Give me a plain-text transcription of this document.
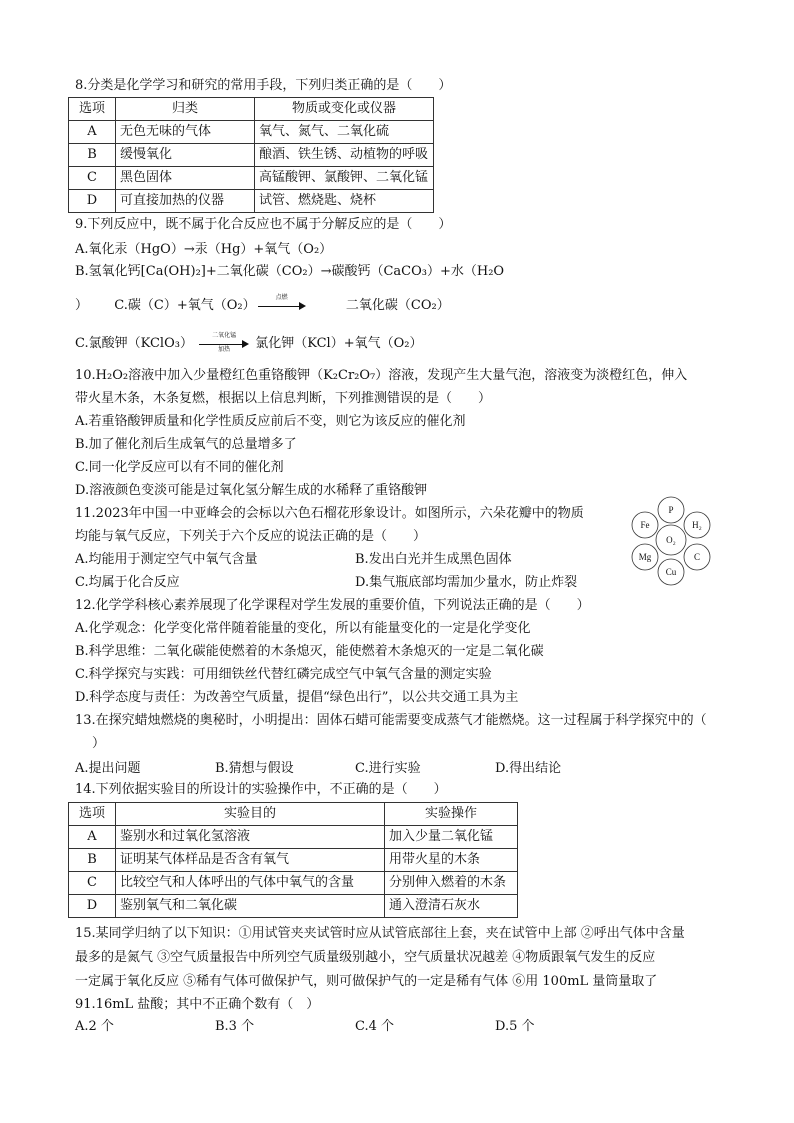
8.分类是化学学习和研究的常用手段，下列归类正确的是（　　）
选项	归类	物质或变化或仪器
A	无色无味的气体	氧气、氮气、二氧化硫
B	缓慢氧化	酿酒、铁生锈、动植物的呼吸
C	黑色固体	高锰酸钾、氯酸钾、二氧化锰
D	可直接加热的仪器	试管、燃烧匙、烧杯
9.下列反应中，既不属于化合反应也不属于分解反应的是（　　）
A.氧化汞（HgO）→汞（Hg）+氧气（O₂）
B.氢氧化钙[Ca(OH)₂]+二氧化碳（CO₂）→碳酸钙（CaCO₃）+水（H₂O
） C.碳（C）+氧气（O₂）
点燃
二氧化碳（CO₂）
C.氯酸钾（KClO₃）
二氧化锰
加热	氯化钾（KCl）+氧气（O₂）
10.H₂O₂溶液中加入少量橙红色重铬酸钾（K₂Cr₂O₇）溶液，发现产生大量气泡，溶液变为淡橙红色，伸入
带火星木条，木条复燃，根据以上信息判断，下列推测错误的是（　　）
A.若重铬酸钾质量和化学性质反应前后不变，则它为该反应的催化剂
B.加了催化剂后生成氧气的总量增多了
C.同一化学反应可以有不同的催化剂
D.溶液颜色变淡可能是过氧化氢分解生成的水稀释了重铬酸钾
11.2023年中国一中亚峰会的会标以六色石榴花形象设计。如图所示，六朵花瓣中的物质
均能与氧气反应，下列关于六个反应的说法正确的是（　　）
A.均能用于测定空气中氧气含量	B.发出白光并生成黑色固体
C.均属于化合反应	D.集气瓶底部均需加少量水，防止炸裂
O₂
P
H₂
C
Cu
Mg
Fe
12.化学学科核心素养展现了化学课程对学生发展的重要价值，下列说法正确的是（　　）
A.化学观念：化学变化常伴随着能量的变化，所以有能量变化的一定是化学变化
B.科学思维：二氧化碳能使燃着的木条熄灭，能使燃着木条熄灭的一定是二氧化碳
C.科学探究与实践：可用细铁丝代替红磷完成空气中氧气含量的测定实验
D.科学态度与责任：为改善空气质量，提倡“绿色出行”，以公共交通工具为主
13.在探究蜡烛燃烧的奥秘时，小明提出：固体石蜡可能需要变成蒸气才能燃烧。这一过程属于科学探究中的（
）
A.提出问题	B.猜想与假设	C.进行实验	D.得出结论
14.下列依据实验目的所设计的实验操作中，不正确的是（　　）
选项	实验目的	实验操作
A	鉴别水和过氧化氢溶液	加入少量二氧化锰
B	证明某气体样品是否含有氧气	用带火星的木条
C	比较空气和人体呼出的气体中氧气的含量	分别伸入燃着的木条
D	鉴别氧气和二氧化碳	通入澄清石灰水
15.某同学归纳了以下知识：①用试管夹夹试管时应从试管底部往上套，夹在试管中上部 ②呼出气体中含量
最多的是氮气 ③空气质量报告中所列空气质量级别越小，空气质量状况越差 ④物质跟氧气发生的反应
一定属于氧化反应 ⑤稀有气体可做保护气，则可做保护气的一定是稀有气体 ⑥用 100mL 量筒量取了
91.16mL 盐酸；其中不正确个数有（　）
A.2 个	B.3 个	C.4 个	D.5 个
